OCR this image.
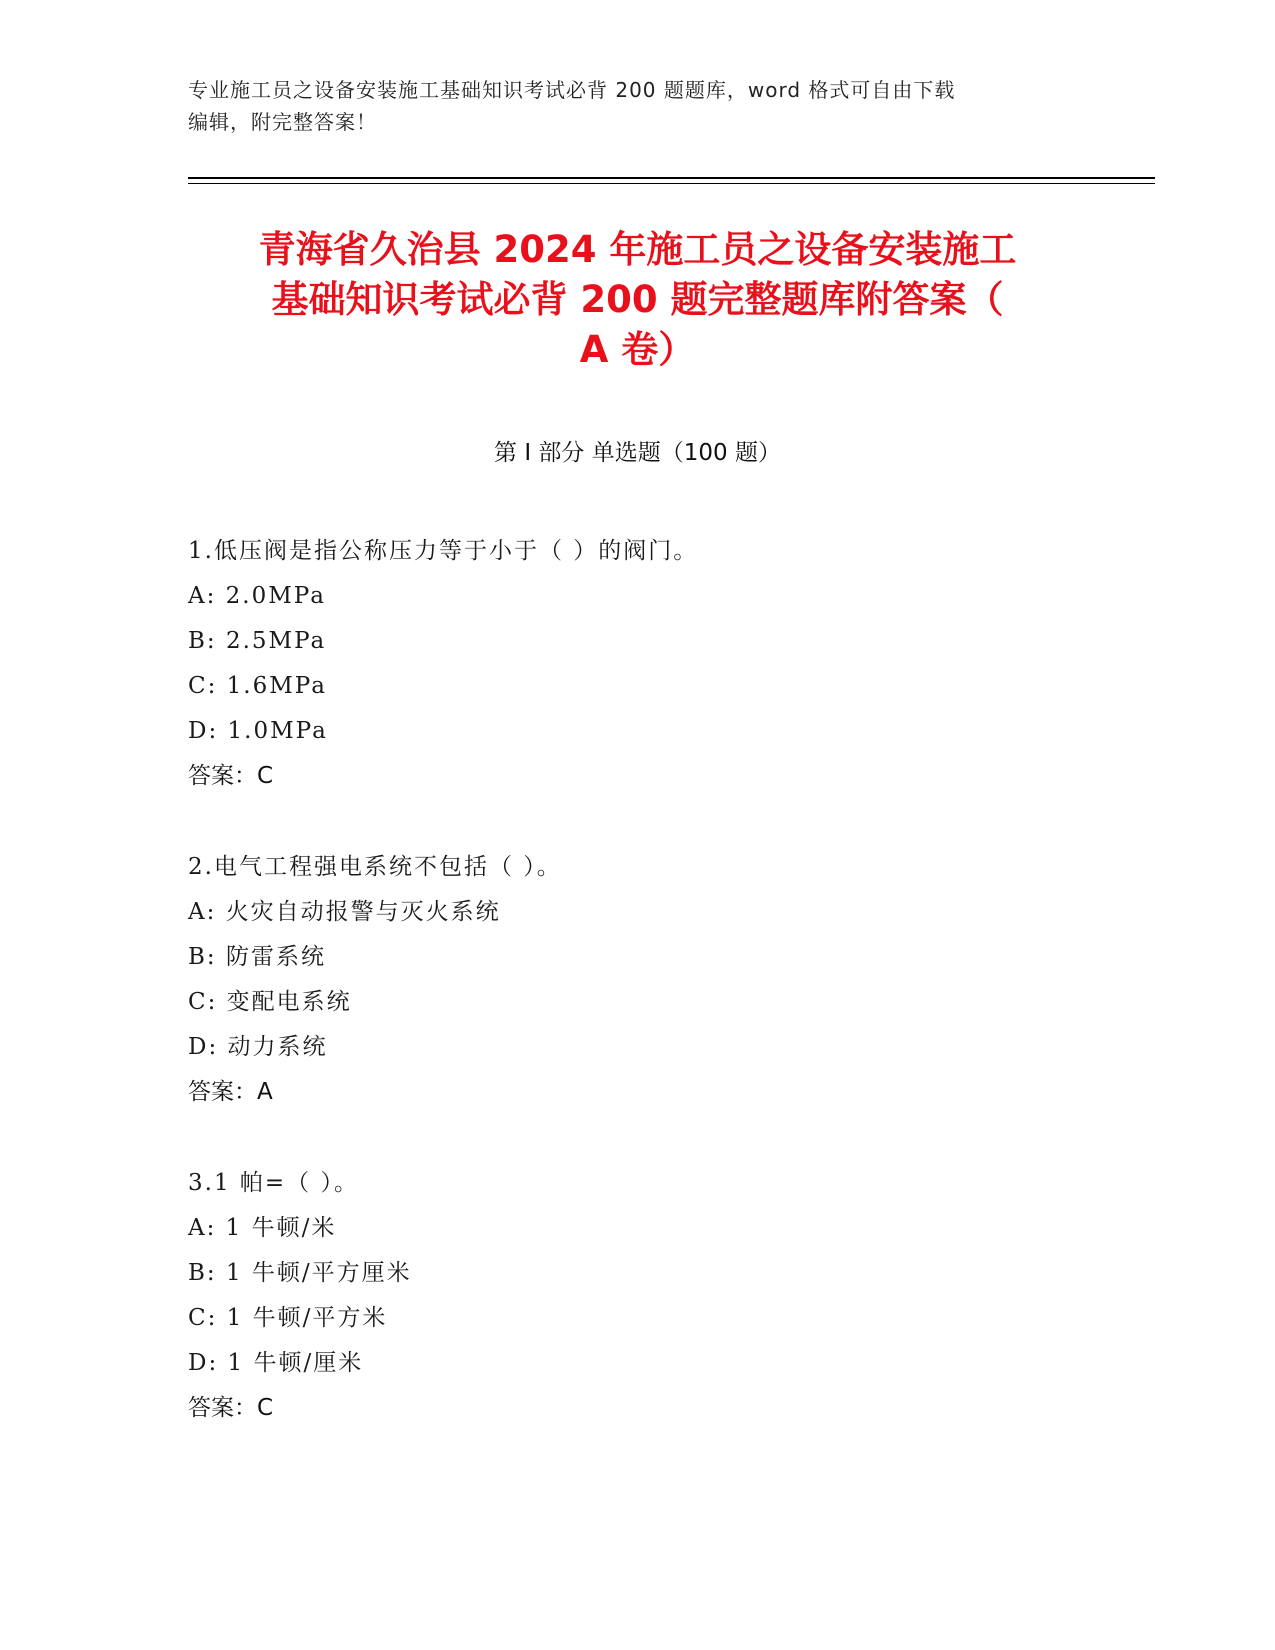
专业施工员之设备安装施工基础知识考试必背 200 题题库，word 格式可自由下载
编辑，附完整答案！
青海省久治县 2024 年施工员之设备安装施工
基础知识考试必背 200 题完整题库附答案（
A 卷）
第 I 部分 单选题（100 题）
1.低压阀是指公称压力等于小于（ ）的阀门。
A: 2.0MPa
B: 2.5MPa
C: 1.6MPa
D: 1.0MPa
答案：C
2.电气工程强电系统不包括（ ）。
A: 火灾自动报警与灭火系统
B: 防雷系统
C: 变配电系统
D: 动力系统
答案：A
3.1 帕=（ ）。
A: 1 牛顿/米
B: 1 牛顿/平方厘米
C: 1 牛顿/平方米
D: 1 牛顿/厘米
答案：C
